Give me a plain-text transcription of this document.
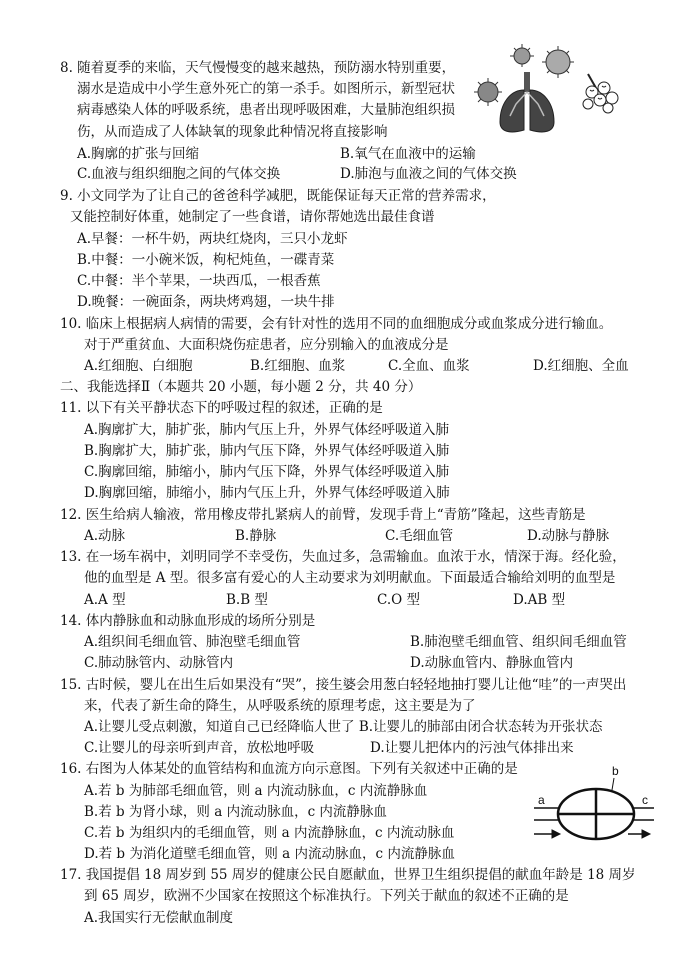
8. 随着夏季的来临，天气慢慢变的越来越热，预防溺水特别重要，
溺水是造成中小学生意外死亡的第一杀手。如图所示，新型冠状
病毒感染人体的呼吸系统，患者出现呼吸困难，大量肺泡组织损
伤，从而造成了人体缺氧的现象此种情况将直接影响
A.胸廓的扩张与回缩	B.氧气在血液中的运输
C.血液与组织细胞之间的气体交换	D.肺泡与血液之间的气体交换
9. 小文同学为了让自己的爸爸科学减肥，既能保证每天正常的营养需求，
又能控制好体重，她制定了一些食谱，请你帮她选出最佳食谱
A.早餐：一杯牛奶，两块红烧肉，三只小龙虾
B.中餐：一小碗米饭，枸杞炖鱼，一碟青菜
C.中餐：半个苹果，一块西瓜，一根香蕉
D.晚餐：一碗面条，两块烤鸡翅，一块牛排
10. 临床上根据病人病情的需要，会有针对性的选用不同的血细胞成分或血浆成分进行输血。
对于严重贫血、大面积烧伤症患者，应分别输入的血液成分是
A.红细胞、白细胞	B.红细胞、血浆	C.全血、血浆	D.红细胞、全血
二、我能选择Ⅱ（本题共 20 小题，每小题 2 分，共 40 分）
11. 以下有关平静状态下的呼吸过程的叙述，正确的是
A.胸廓扩大，肺扩张，肺内气压上升，外界气体经呼吸道入肺
B.胸廓扩大，肺扩张，肺内气压下降，外界气体经呼吸道入肺
C.胸廓回缩，肺缩小，肺内气压下降，外界气体经呼吸道入肺
D.胸廓回缩，肺缩小，肺内气压上升，外界气体经呼吸道入肺
12. 医生给病人输液，常用橡皮带扎紧病人的前臂，发现手背上“青筋”隆起，这些青筋是
A.动脉	B.静脉	C.毛细血管	D.动脉与静脉
13. 在一场车祸中，刘明同学不幸受伤，失血过多，急需输血。血浓于水，情深于海。经化验，
他的血型是 A 型。很多富有爱心的人主动要求为刘明献血。下面最适合输给刘明的血型是
A.A 型	B.B 型	C.O 型	D.AB 型
14. 体内静脉血和动脉血形成的场所分别是
A.组织间毛细血管、肺泡壁毛细血管	B.肺泡壁毛细血管、组织间毛细血管
C.肺动脉管内、动脉管内	D.动脉血管内、静脉血管内
15. 古时候，婴儿在出生后如果没有“哭”，接生婆会用葱白轻轻地抽打婴儿让他“哇”的一声哭出
来，代表了新生命的降生，从呼吸系统的原理考虑，这主要是为了
A.让婴儿受点刺激，知道自己已经降临人世了 B.让婴儿的肺部由闭合状态转为开张状态
C.让婴儿的母亲听到声音，放松地呼吸	D.让婴儿把体内的污浊气体排出来
16. 右图为人体某处的血管结构和血流方向示意图。下列有关叙述中正确的是
A.若 b 为肺部毛细血管，则 a 内流动脉血，c 内流静脉血
B.若 b 为肾小球，则 a 内流动脉血，c 内流静脉血
C.若 b 为组织内的毛细血管，则 a 内流静脉血，c 内流动脉血
D.若 b 为消化道壁毛细血管，则 a 内流动脉血，c 内流静脉血
b
a	c
17. 我国提倡 18 周岁到 55 周岁的健康公民自愿献血，世界卫生组织提倡的献血年龄是 18 周岁
到 65 周岁，欧洲不少国家在按照这个标准执行。下列关于献血的叙述不正确的是
A.我国实行无偿献血制度
